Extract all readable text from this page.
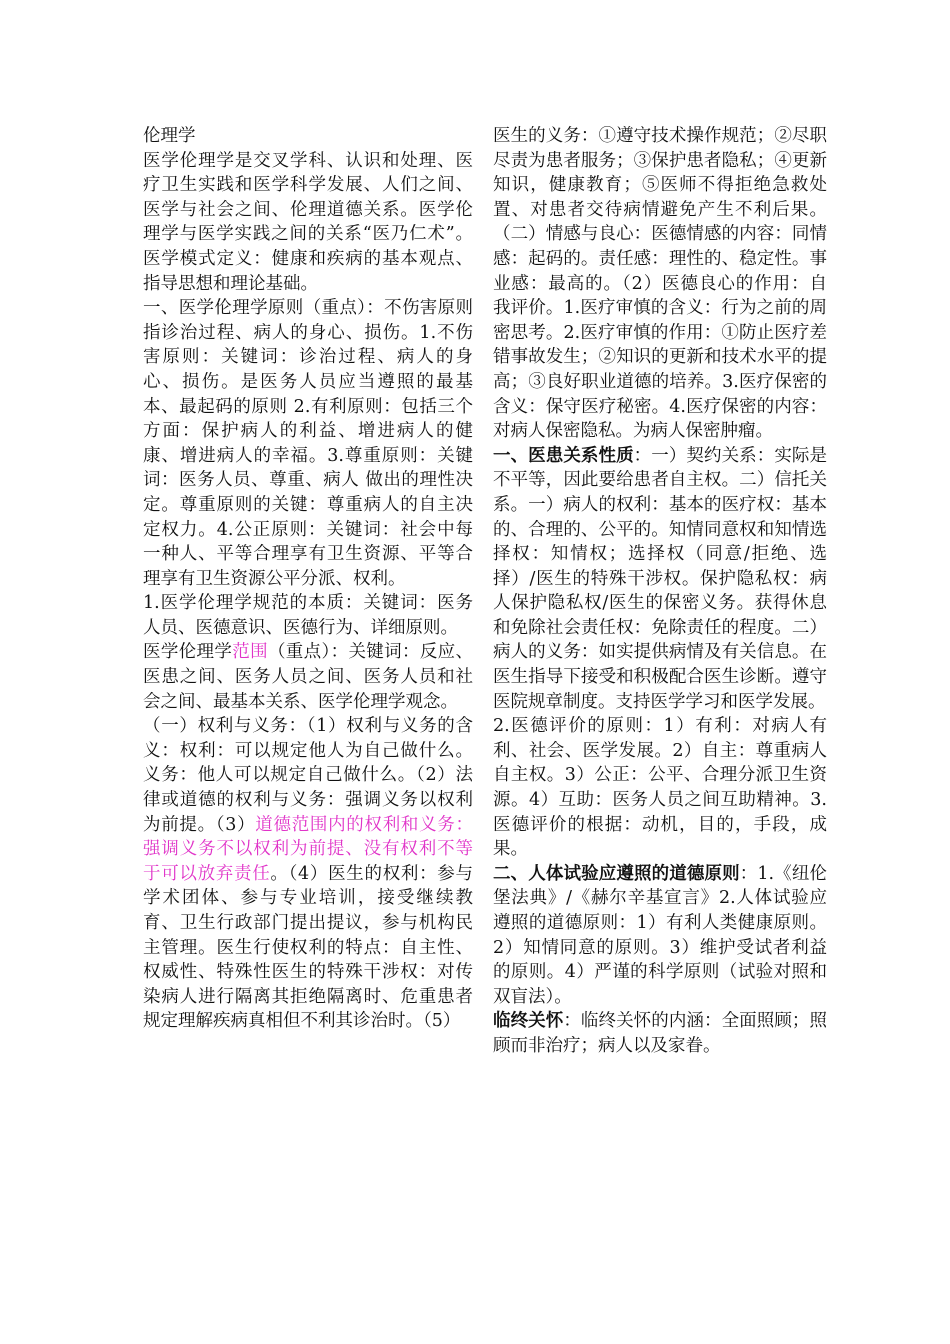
伦理学

医学伦理学是交叉学科、认识和处理、医疗卫生实践和医学科学发展、人们之间、医学与社会之间、伦理道德关系。医学伦理学与医学实践之间的关系“医乃仁术”。医学模式定义：健康和疾病的基本观点、指导思想和理论基础。

一、医学伦理学原则（重点）：不伤害原则指诊治过程、病人的身心、损伤。1.不伤害原则：关键词：诊治过程、病人的身心、损伤。是医务人员应当遵照的最基本、最起码的原则 2.有利原则：包括三个方面：保护病人的利益、增进病人的健康、增进病人的幸福。3.尊重原则：关键词：医务人员、尊重、病人 做出的理性决定。尊重原则的关键：尊重病人的自主决定权力。4.公正原则：关键词：社会中每一种人、平等合理享有卫生资源、平等合理享有卫生资源公平分派、权利。

1.医学伦理学规范的本质：关键词：医务人员、医德意识、医德行为、详细原则。

医学伦理学范围（重点）：关键词：反应、医患之间、医务人员之间、医务人员和社会之间、最基本关系、医学伦理学观念。

（一）权利与义务：（1）权利与义务的含义：权利：可以规定他人为自己做什么。义务：他人可以规定自己做什么。（2）法律或道德的权利与义务：强调义务以权利为前提。（3）道德范围内的权利和义务：强调义务不以权利为前提、没有权利不等于可以放弃责任。（4）医生的权利：参与学术团体、参与专业培训，接受继续教育、卫生行政部门提出提议，参与机构民主管理。医生行使权利的特点：自主性、权威性、特殊性医生的特殊干涉权：对传染病人进行隔离其拒绝隔离时、危重患者规定理解疾病真相但不利其诊治时。（5）

医生的义务：①遵守技术操作规范；②尽职尽责为患者服务；③保护患者隐私；④更新知识，健康教育；⑤医师不得拒绝急救处置、对患者交待病情避免产生不利后果。（二）情感与良心：医德情感的内容：同情感：起码的。责任感：理性的、稳定性。事业感：最高的。（2）医德良心的作用：自我评价。1.医疗审慎的含义：行为之前的周密思考。2.医疗审慎的作用：①防止医疗差错事故发生；②知识的更新和技术水平的提高；③良好职业道德的培养。3.医疗保密的含义：保守医疗秘密。4.医疗保密的内容：对病人保密隐私。为病人保密肿瘤。

一、医患关系性质：一）契约关系：实际是不平等，因此要给患者自主权。二）信托关系。一）病人的权利：基本的医疗权：基本的、合理的、公平的。知情同意权和知情选择权：知情权；选择权（同意/拒绝、选择）/医生的特殊干涉权。保护隐私权：病人保护隐私权/医生的保密义务。获得休息和免除社会责任权：免除责任的程度。二）病人的义务：如实提供病情及有关信息。在医生指导下接受和积极配合医生诊断。遵守医院规章制度。支持医学学习和医学发展。

2.医德评价的原则：1）有利：对病人有利、社会、医学发展。2）自主：尊重病人自主权。3）公正：公平、合理分派卫生资源。4）互助：医务人员之间互助精神。3.医德评价的根据：动机，目的，手段，成果。

二、人体试验应遵照的道德原则：1.《纽伦堡法典》/《赫尔辛基宣言》2.人体试验应遵照的道德原则：1）有利人类健康原则。2）知情同意的原则。3）维护受试者利益的原则。4）严谨的科学原则（试验对照和双盲法）。

临终关怀：临终关怀的内涵：全面照顾；照顾而非治疗；病人以及家眷。
